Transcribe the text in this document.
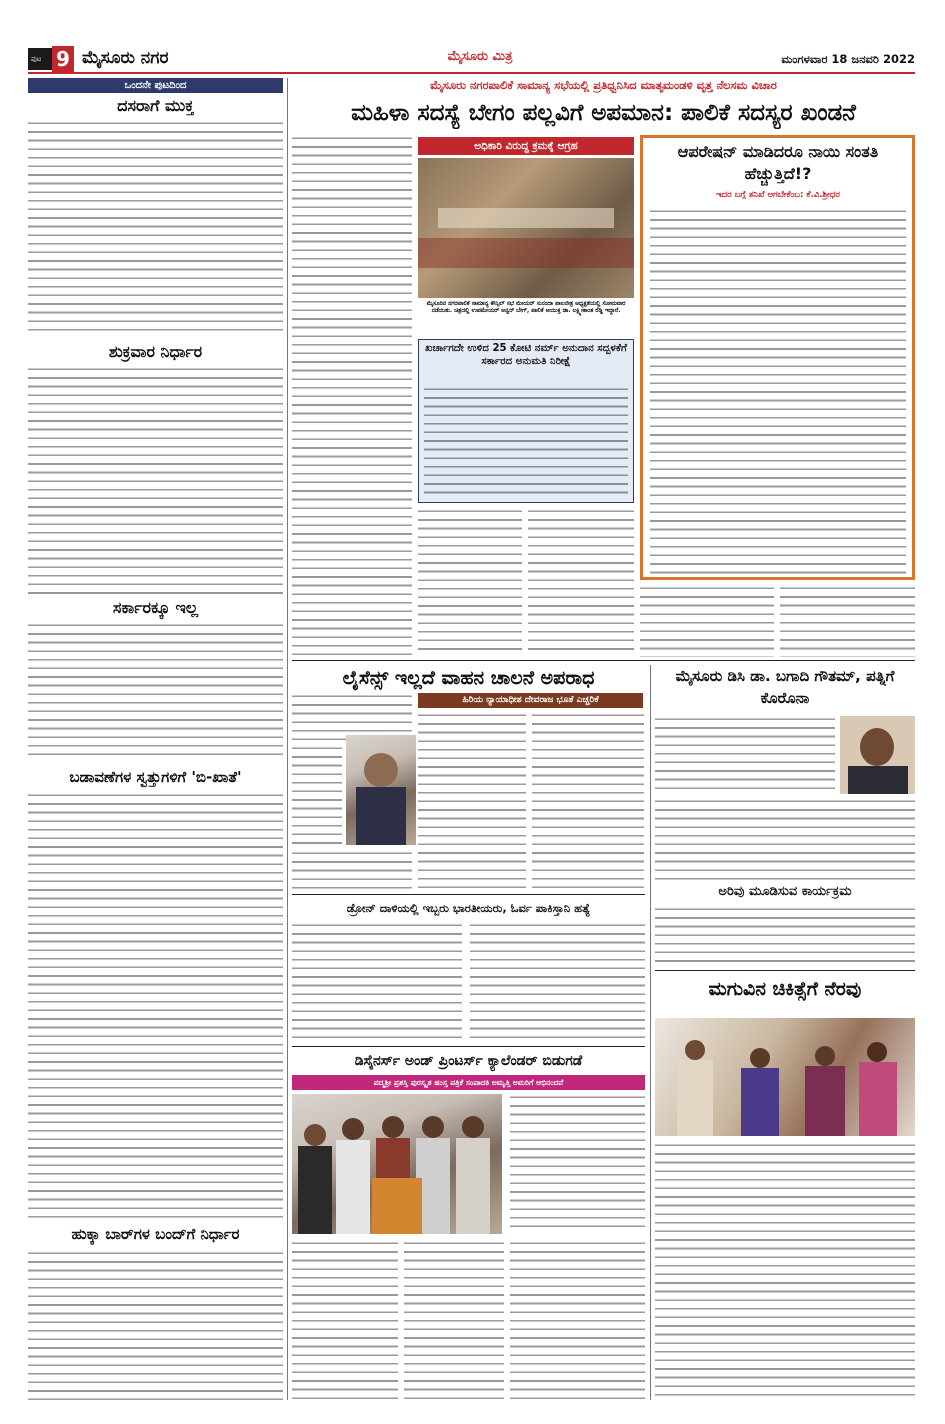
ಪುಟ 9 ಮೈಸೂರು ನಗರ	ಮೈಸೂರು ಮಿತ್ರ	ಮಂಗಳವಾರ 18 ಜನವರಿ 2022
ಒಂದನೇ ಪುಟದಿಂದ
ದಸರಾಗೆ ಮುಕ್ತ
ಶುಕ್ರವಾರ ನಿರ್ಧಾರ
ಸರ್ಕಾರಕ್ಕೂ ಇಲ್ಲ
ಬಡಾವಣೆಗಳ ಸ್ವತ್ತುಗಳಿಗೆ 'ಬಿ-ಖಾತೆ'
ಹುಕ್ಕಾ ಬಾರ್‌ಗಳ ಬಂದ್‌ಗೆ ನಿರ್ಧಾರ
ಮೈಸೂರು ನಗರಪಾಲಿಕೆ ಸಾಮಾನ್ಯ ಸಭೆಯಲ್ಲಿ ಪ್ರತಿಧ್ವನಿಸಿದ ಮಾತೃಮಂಡಳಿ ವೃತ್ತ ನೆಲಸಮ ವಿಚಾರ
ಮಹಿಳಾ ಸದಸ್ಯೆ ಬೇಗಂ ಪಲ್ಲವಿಗೆ ಅಪಮಾನ: ಪಾಲಿಕೆ ಸದಸ್ಯರ ಖಂಡನೆ
ಅಧಿಕಾರಿ ವಿರುದ್ಧ ಕ್ರಮಕ್ಕೆ ಆಗ್ರಹ
ಮೈಸೂರಿನ ನಗರಪಾಲಿಕೆ ಸಾಮಾನ್ಯ ಕೌನ್ಸಿಲ್ ಸಭೆ ಮೇಯರ್ ಸುನಂದಾ ಪಾಲನೇತ್ರ ಅಧ್ಯಕ್ಷತೆಯಲ್ಲಿ ಸೋಮವಾರ ನಡೆಯಿತು. ಚಿತ್ರದಲ್ಲಿ ಉಪಮೇಯರ್ ಅನ್ವರ್ ಬೇಗ್, ಪಾಲಿಕೆ ಆಯುಕ್ತ ಡಾ. ಲಕ್ಷ್ಮೀಕಾಂತ ರೆಡ್ಡಿ ಇದ್ದಾರೆ.
ಖರ್ಚಾಗದೇ ಉಳಿದ 25 ಕೋಟಿ ನರ್ಮ್ ಅನುದಾನ ಸದ್ಬಳಕೆಗೆ ಸರ್ಕಾರದ ಅನುಮತಿ ನಿರೀಕ್ಷೆ
ಆಪರೇಷನ್ ಮಾಡಿದರೂ ನಾಯಿ ಸಂತತಿ ಹೆಚ್ಚುತ್ತಿದೆ!?
ಇದರ ಬಗ್ಗೆ ತನಿಖೆ ಆಗಬೇಕೆಂಬ: ಕೆ.ವಿ.ಶ್ರೀಧರ
ಲೈಸೆನ್ಸ್ ಇಲ್ಲದೆ ವಾಹನ ಚಾಲನೆ ಅಪರಾಧ
ಹಿರಿಯ ನ್ಯಾಯಾಧೀಶ ದೇವರಾಜ ಭೂತೆ ಎಚ್ಚರಿಕೆ
ಮೈಸೂರು ಡಿಸಿ ಡಾ. ಬಗಾದಿ ಗೌತಮ್, ಪತ್ನಿಗೆ ಕೊರೊನಾ
ಅರಿವು ಮೂಡಿಸುವ ಕಾರ್ಯಕ್ರಮ
ಮಗುವಿನ ಚಿಕಿತ್ಸೆಗೆ ನೆರವು
ಡ್ರೋನ್ ದಾಳಿಯಲ್ಲಿ ಇಬ್ಬರು ಭಾರತೀಯರು, ಓರ್ವ ಪಾಕಿಸ್ತಾನಿ ಹತ್ಯೆ
ಡಿಸೈನರ್ಸ್ ಅಂಡ್ ಪ್ರಿಂಟರ್ಸ್ ಕ್ಯಾಲೆಂಡರ್ ಬಿಡುಗಡೆ
ಪದ್ಮಶ್ರೀ ಪ್ರಶಸ್ತಿ ಪುರಸ್ಕೃತ ಹಂಸ್ತ ಪತ್ರಿಕೆ ಸಂಪಾದಕಿ ಅಮೃತ್ತಿ ಅಮರಿಗೆ ಅಭಿನಂದನೆ
